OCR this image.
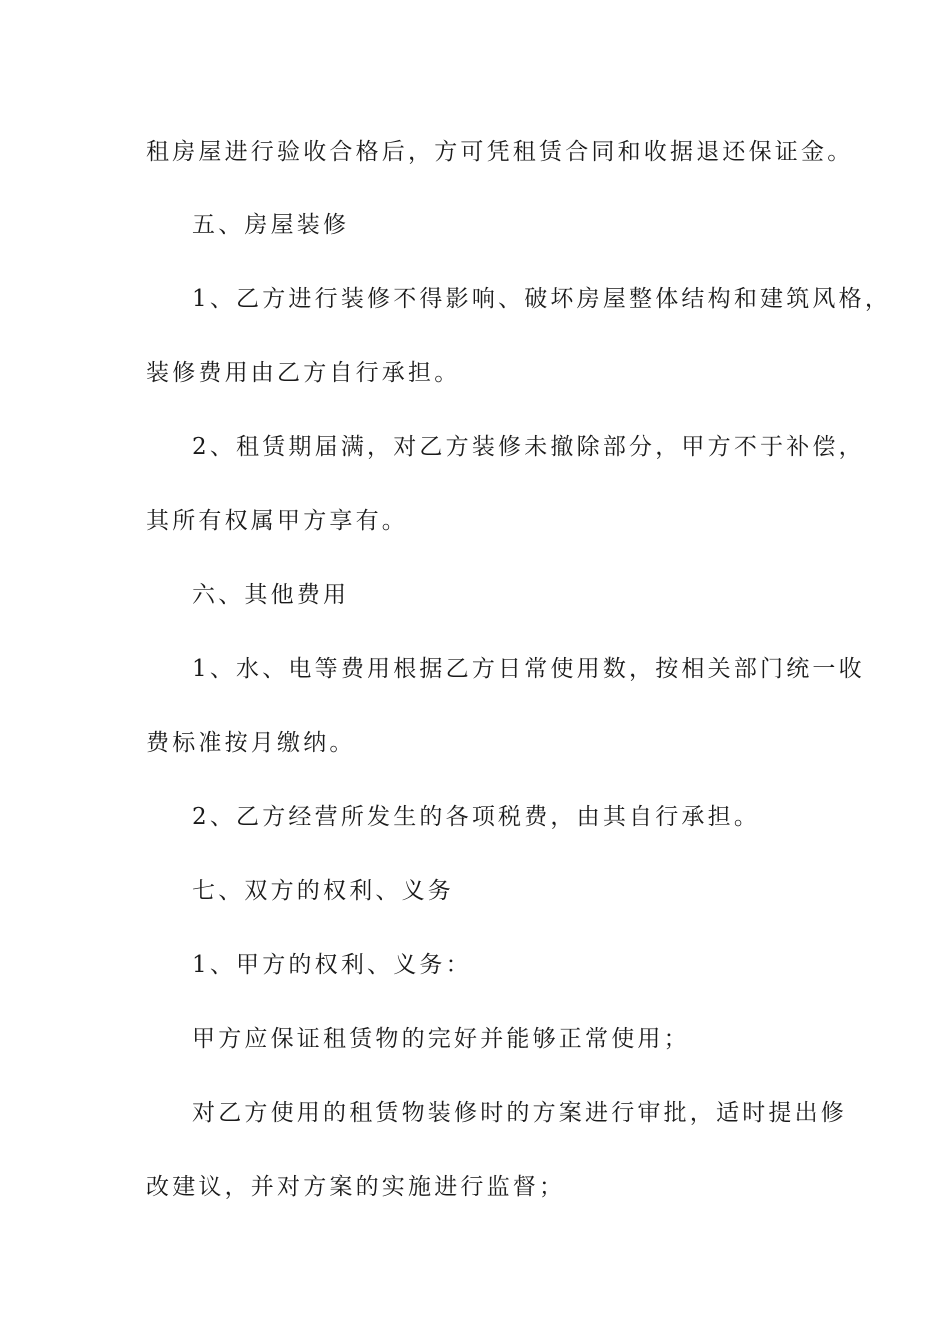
租房屋进行验收合格后，方可凭租赁合同和收据退还保证金。

五、房屋装修

1、乙方进行装修不得影响、破坏房屋整体结构和建筑风格，

装修费用由乙方自行承担。

2、租赁期届满，对乙方装修未撤除部分，甲方不于补偿，

其所有权属甲方享有。

六、其他费用

1、水、电等费用根据乙方日常使用数，按相关部门统一收

费标准按月缴纳。

2、乙方经营所发生的各项税费，由其自行承担。

七、双方的权利、义务

1、甲方的权利、义务：

甲方应保证租赁物的完好并能够正常使用；

对乙方使用的租赁物装修时的方案进行审批，适时提出修

改建议，并对方案的实施进行监督；
